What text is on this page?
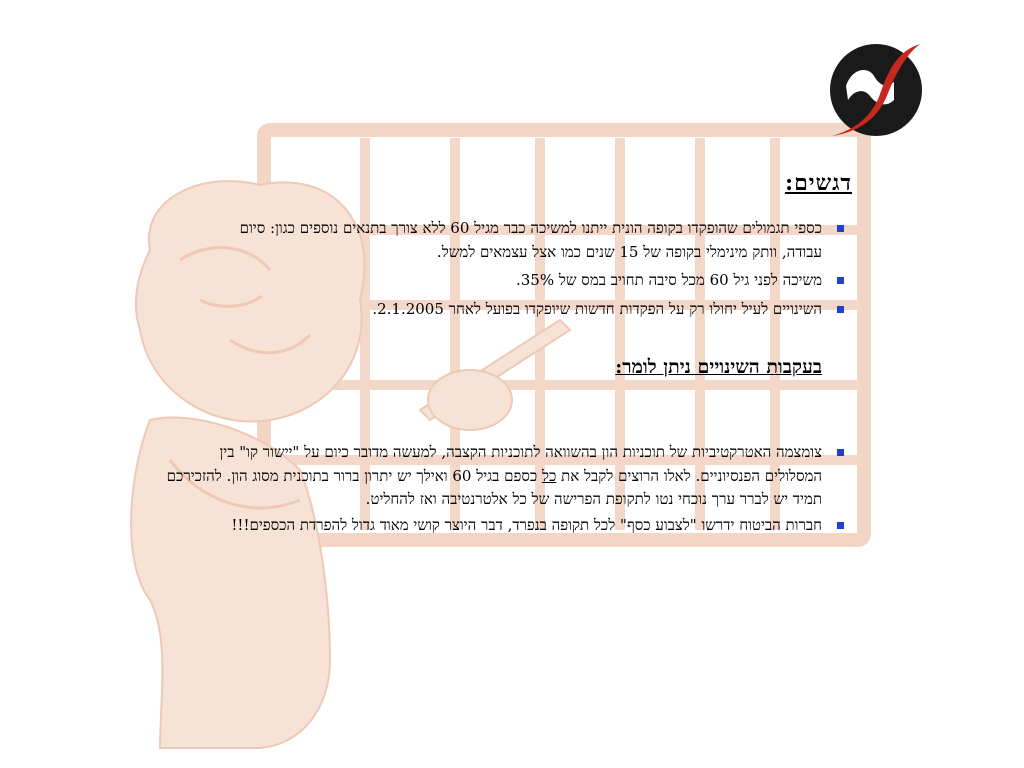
דגשים:
כספי תגמולים שהופקדו בקופה הונית ייתנו למשיכה כבר מגיל 60 ללא צורך בתנאים נוספים כגון: סיום עבודה, וותק מינימלי בקופה של 15 שנים כמו אצל עצמאים למשל.
משיכה לפני גיל 60 מכל סיבה תחויב במס של 35%.
השינויים לעיל יחולו רק על הפקדות חדשות שיופקדו בפועל לאחר 2.1.2005.
בעקבות השינויים ניתן לומר:
צומצמה האטרקטיביות של תוכניות הון בהשוואה לתוכניות הקצבה, למעשה מדובר כיום על "יישור קו" בין המסלולים הפנסיוניים. לאלו הרוצים לקבל את כל כספם בגיל 60 ואילך יש יתרון ברור בתוכנית מסוג הון. להזכירכם תמיד יש לברר ערך נוכחי נטו לתקופת הפרישה של כל אלטרנטיבה ואז להחליט.
חברות הביטוח ידרשו "לצבוע כסף" לכל תקופה בנפרד, דבר היוצר קושי מאוד גדול להפרדת הכספים!!!
